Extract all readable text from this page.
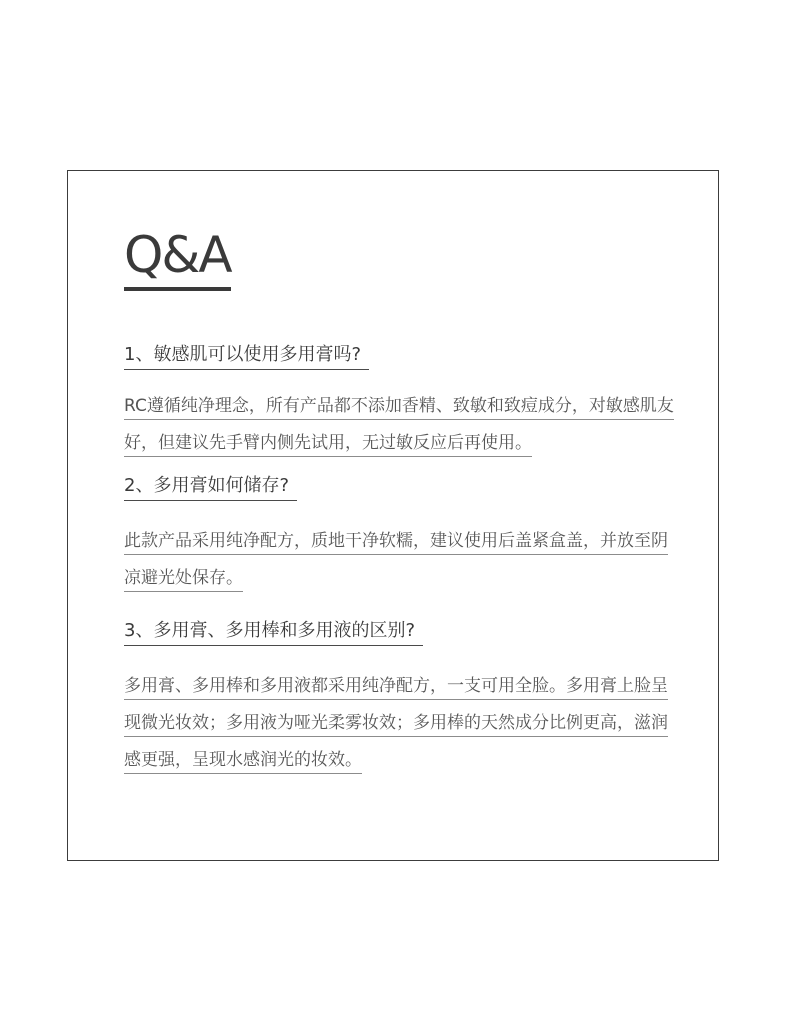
Q&A
1、敏感肌可以使用多用膏吗?

RC遵循纯净理念，所有产品都不添加香精、致敏和致痘成分，对敏感肌友好，但建议先手臂内侧先试用，无过敏反应后再使用。

2、多用膏如何储存?

此款产品采用纯净配方，质地干净软糯，建议使用后盖紧盒盖，并放至阴凉避光处保存。

3、多用膏、多用棒和多用液的区别?

多用膏、多用棒和多用液都采用纯净配方，一支可用全脸。多用膏上脸呈现微光妆效；多用液为哑光柔雾妆效；多用棒的天然成分比例更高，滋润感更强，呈现水感润光的妆效。
